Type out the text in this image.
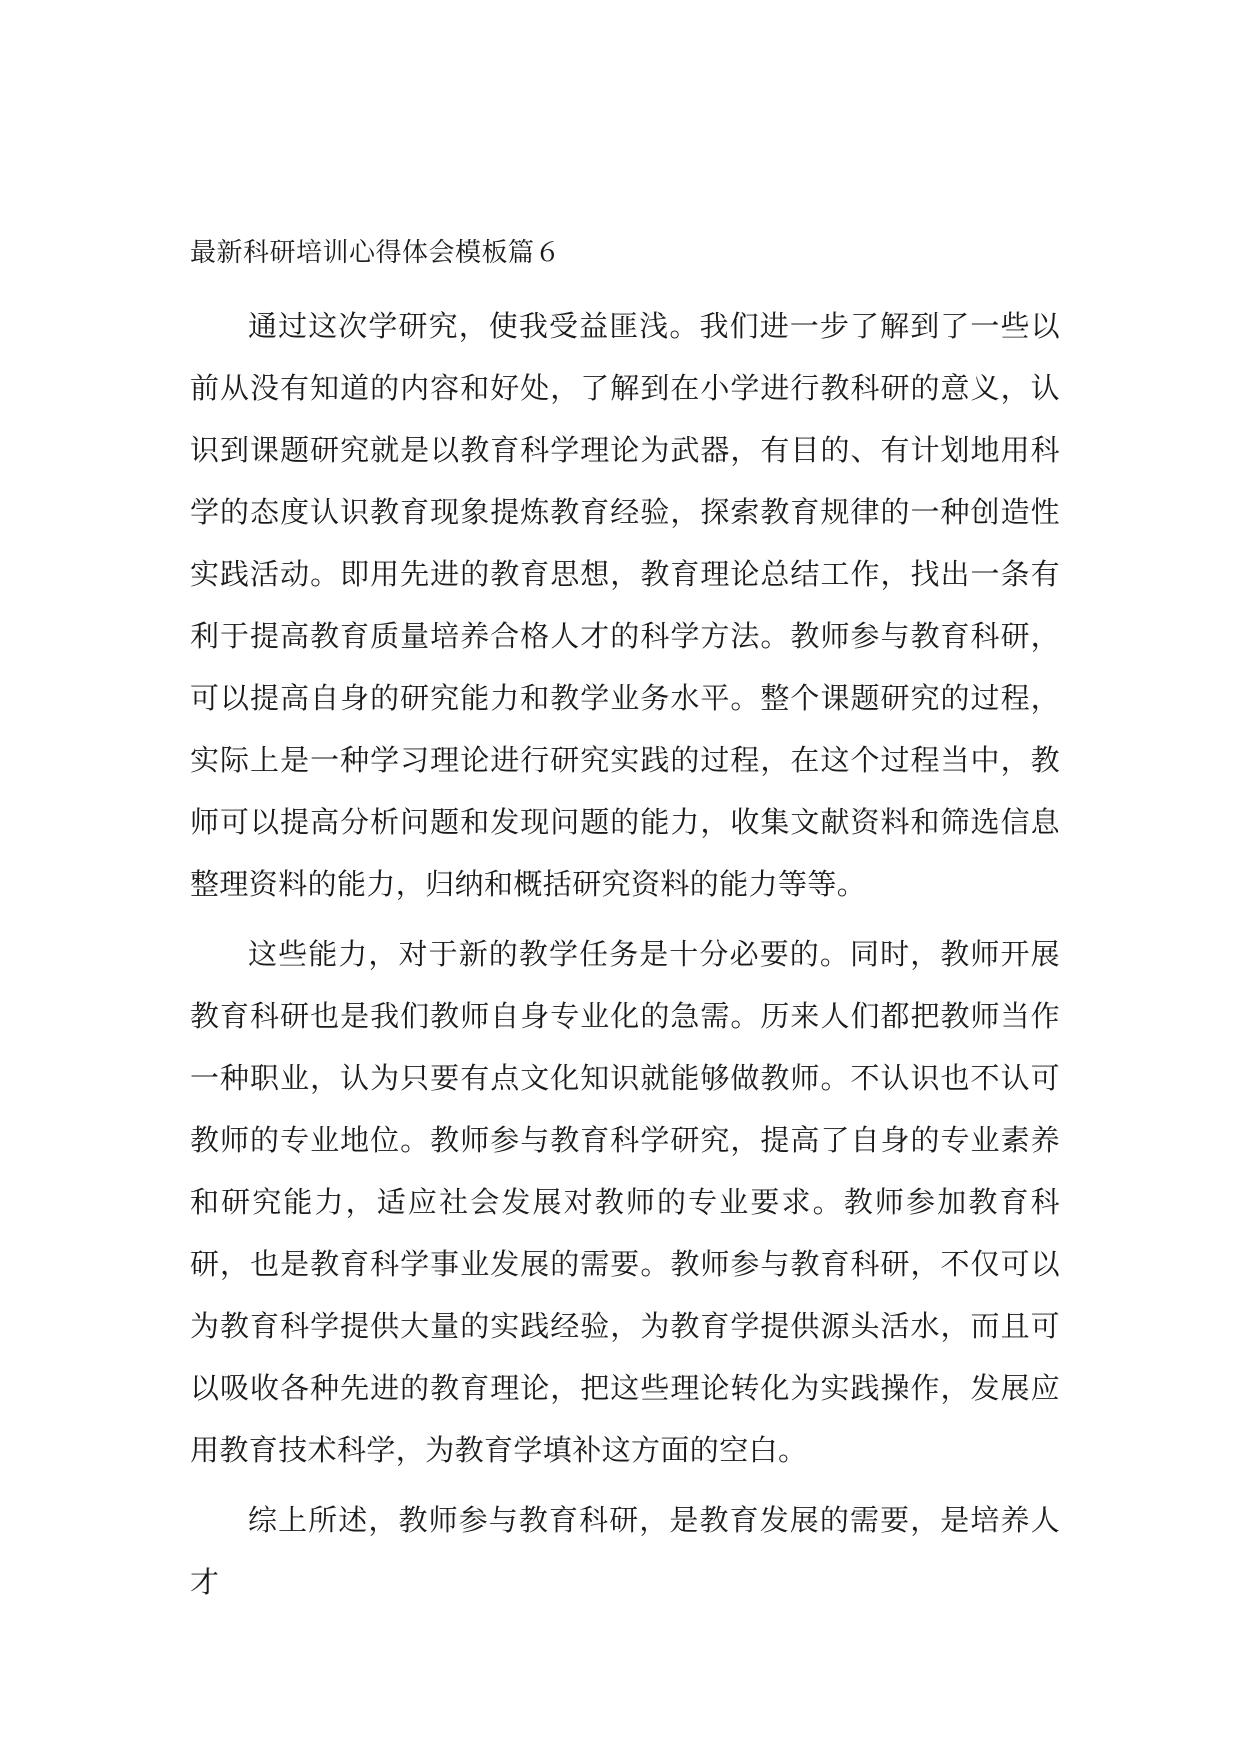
最新科研培训心得体会模板篇６

通过这次学研究，使我受益匪浅。我们进一步了解到了一些以前从没有知道的内容和好处，了解到在小学进行教科研的意义，认识到课题研究就是以教育科学理论为武器，有目的、有计划地用科学的态度认识教育现象提炼教育经验，探索教育规律的一种创造性实践活动。即用先进的教育思想，教育理论总结工作，找出一条有利于提高教育质量培养合格人才的科学方法。教师参与教育科研，可以提高自身的研究能力和教学业务水平。整个课题研究的过程，实际上是一种学习理论进行研究实践的过程，在这个过程当中，教师可以提高分析问题和发现问题的能力，收集文献资料和筛选信息整理资料的能力，归纳和概括研究资料的能力等等。

这些能力，对于新的教学任务是十分必要的。同时，教师开展教育科研也是我们教师自身专业化的急需。历来人们都把教师当作一种职业，认为只要有点文化知识就能够做教师。不认识也不认可教师的专业地位。教师参与教育科学研究，提高了自身的专业素养和研究能力，适应社会发展对教师的专业要求。教师参加教育科研，也是教育科学事业发展的需要。教师参与教育科研，不仅可以为教育科学提供大量的实践经验，为教育学提供源头活水，而且可以吸收各种先进的教育理论，把这些理论转化为实践操作，发展应用教育技术科学，为教育学填补这方面的空白。

综上所述，教师参与教育科研，是教育发展的需要，是培养人才
